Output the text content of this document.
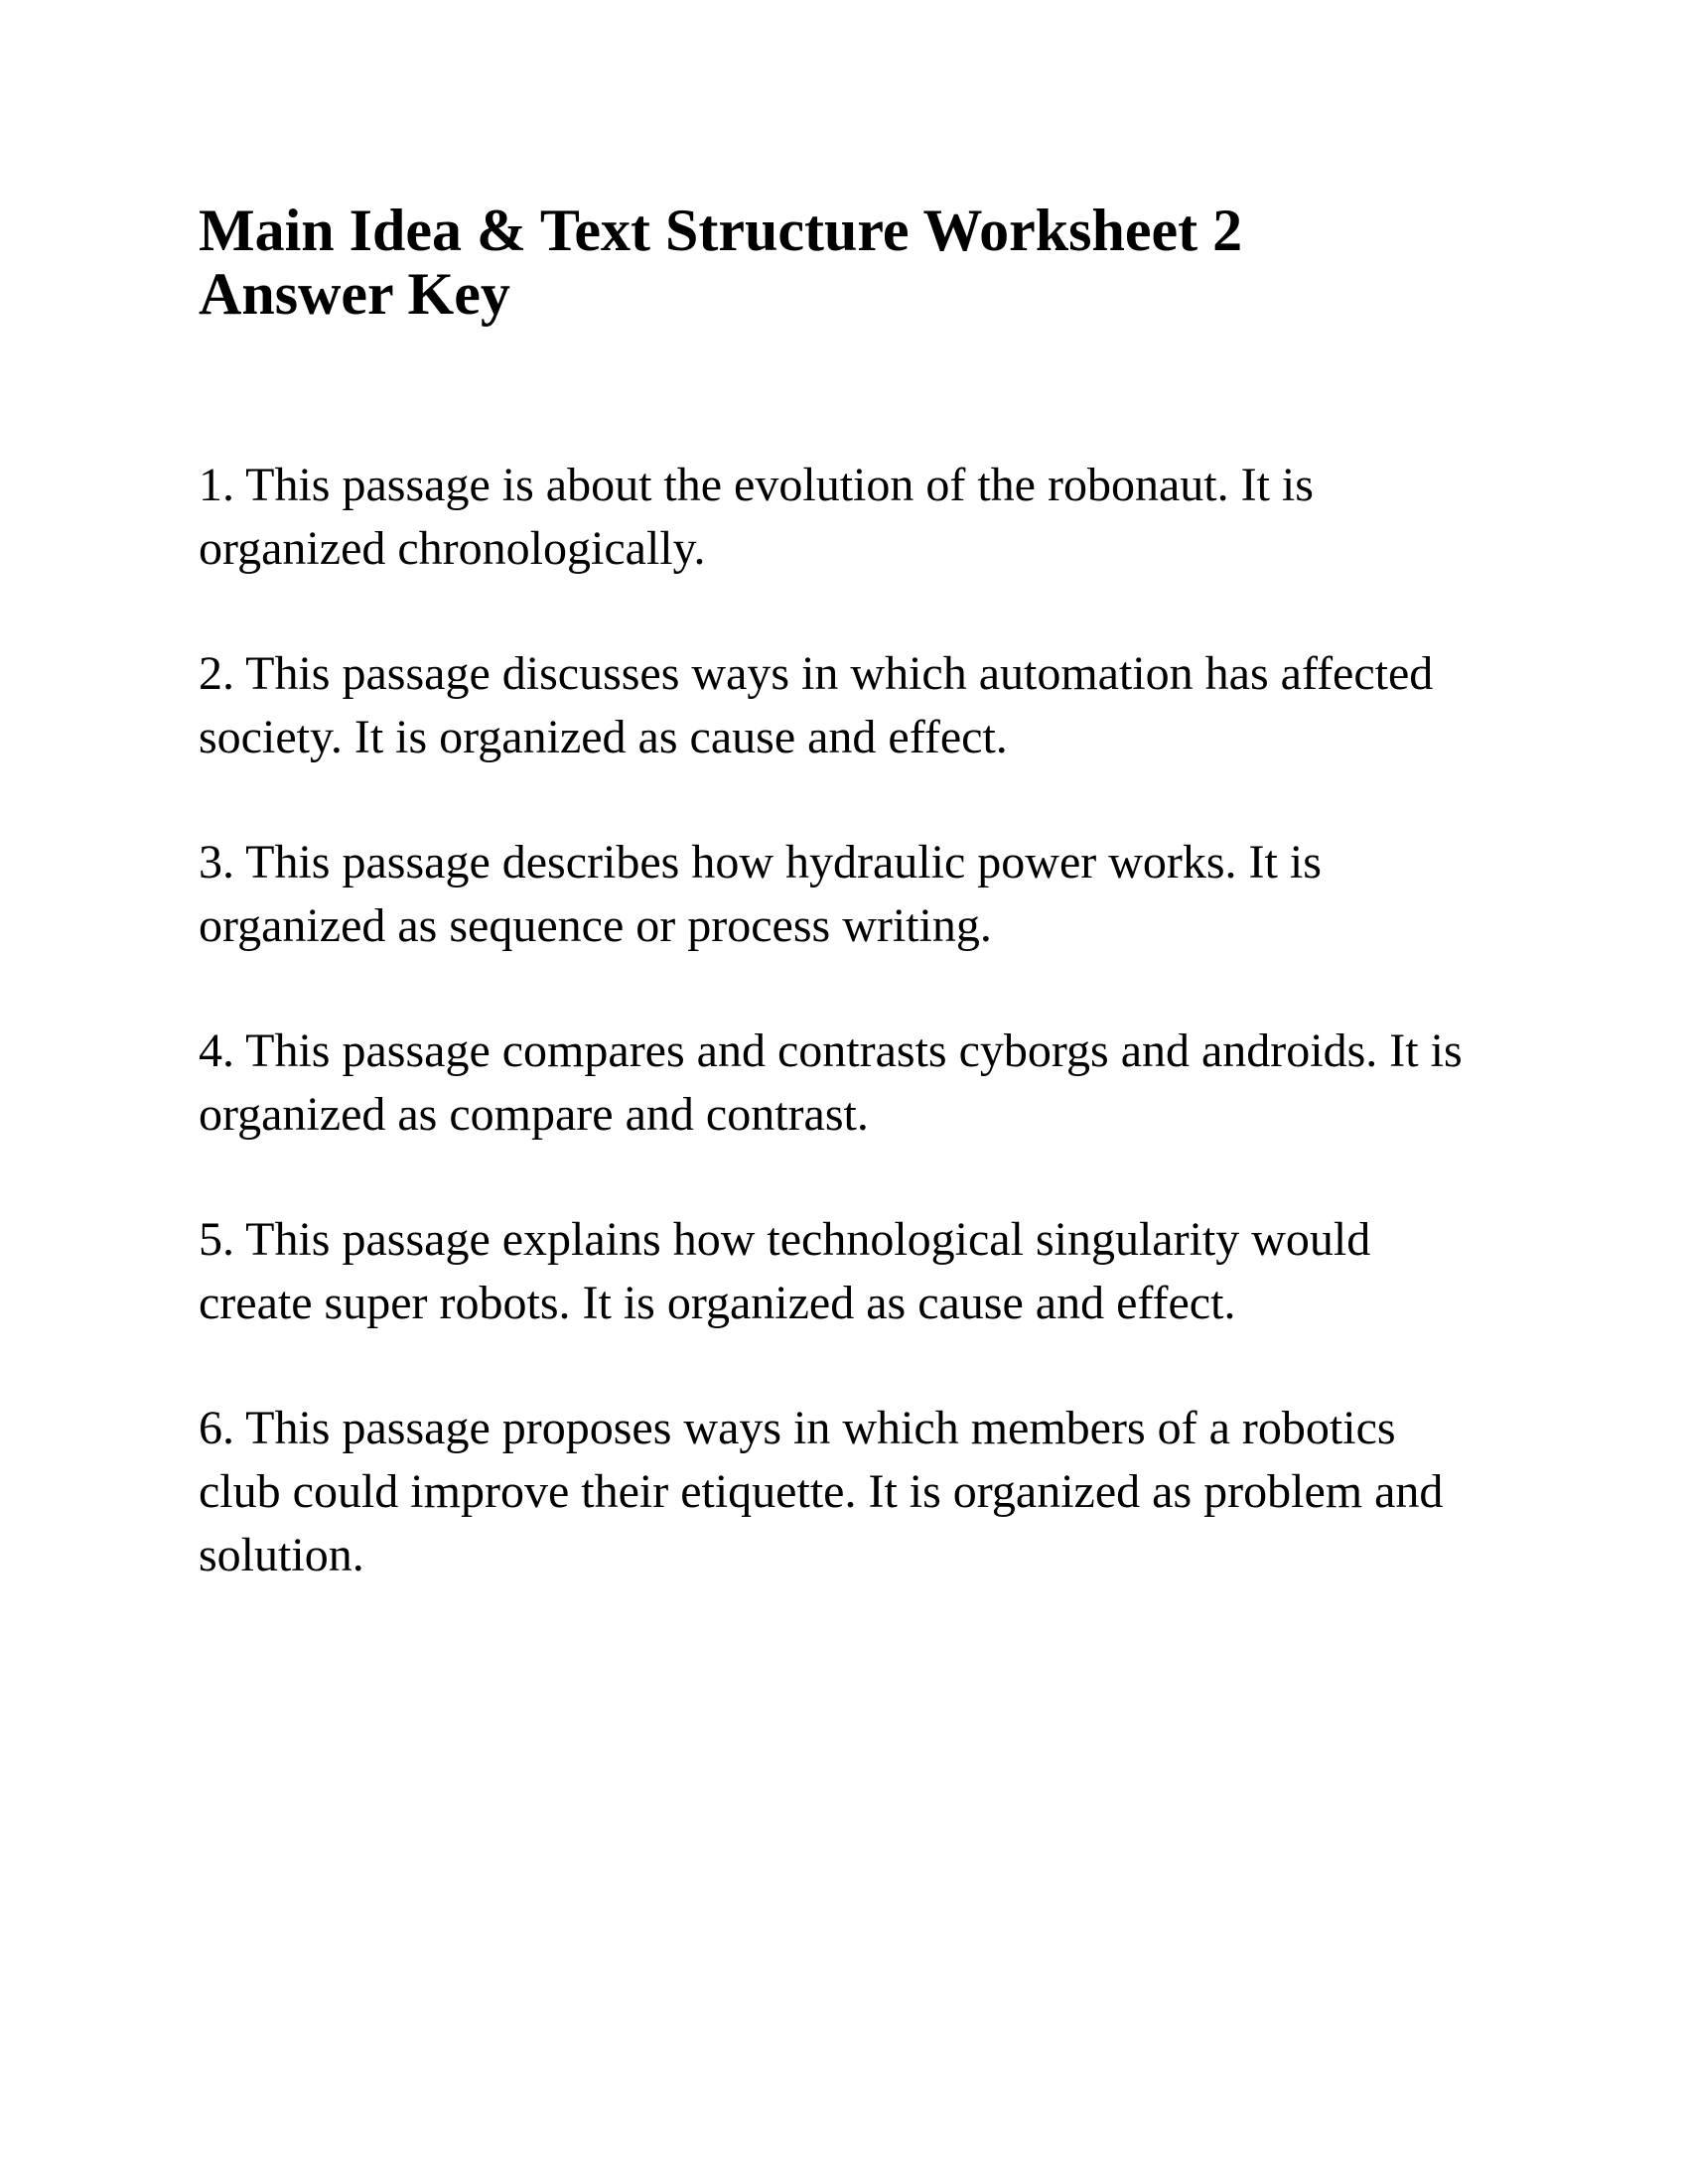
Main Idea & Text Structure Worksheet 2
Answer Key

1. This passage is about the evolution of the robonaut. It is organized chronologically.

2. This passage discusses ways in which automation has affected society. It is organized as cause and effect.

3. This passage describes how hydraulic power works. It is organized as sequence or process writing.

4. This passage compares and contrasts cyborgs and androids. It is organized as compare and contrast.

5. This passage explains how technological singularity would create super robots. It is organized as cause and effect.

6. This passage proposes ways in which members of a robotics club could improve their etiquette. It is organized as problem and solution.
